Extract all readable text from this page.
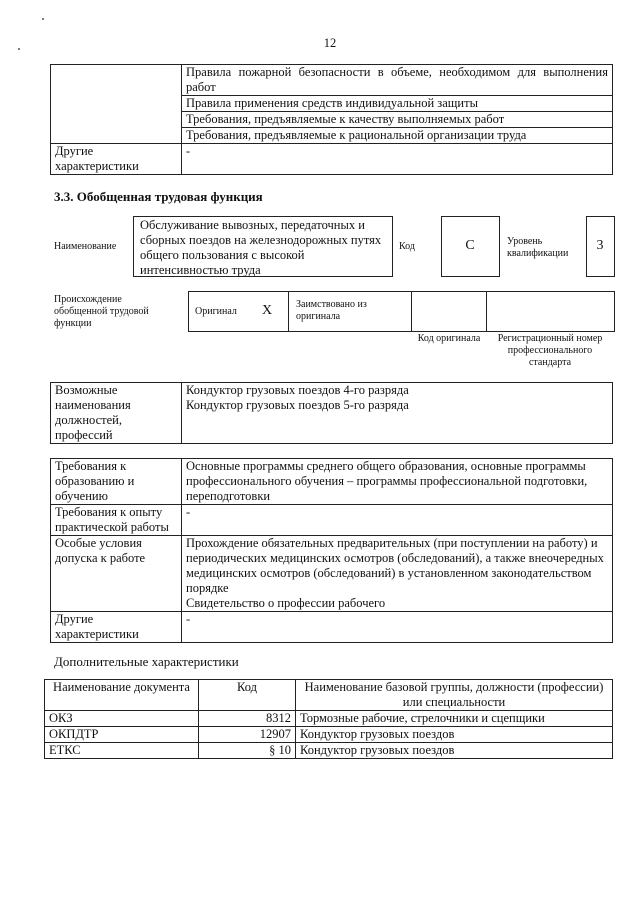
12
	Правила пожарной безопасности в объеме, необходимом для выполнения работ
	Правила применения средств индивидуальной защиты
	Требования, предъявляемые к качеству выполняемых работ
	Требования, предъявляемые к рациональной организации труда
Другие характеристики	-
3.3. Обобщенная трудовая функция
Наименование
Обслуживание вывозных, передаточных и сборных поездов на железнодорожных путях общего пользования с высокой интенсивностью труда
Код	C	Уровень квалификации
3
Происхождение обобщенной трудовой функции
Оригинал X Заимствовано из оригинала
Код оригинала	Регистрационный номер профессионального стандарта
Возможные наименования должностей, профессий	
Кондуктор грузовых поездов 4-го разряда
Кондуктор грузовых поездов 5-го разряда
Требования к образованию и обучению	Основные программы среднего общего образования, основные программы профессионального обучения – программы профессиональной подготовки, переподготовки
Требования к опыту практической работы	-
Особые условия допуска к работе	Прохождение обязательных предварительных (при поступлении на работу) и периодических медицинских осмотров (обследований), а также внеочередных медицинских осмотров (обследований) в установленном законодательством порядке
Свидетельство о профессии рабочего

Другие характеристики	-
Дополнительные характеристики
Наименование документа	Код	Наименование базовой группы, должности (профессии) или специальности
ОКЗ	8312	Тормозные рабочие, стрелочники и сцепщики
ОКПДТР	12907	Кондуктор грузовых поездов
ЕТКС	§ 10	Кондуктор грузовых поездов
